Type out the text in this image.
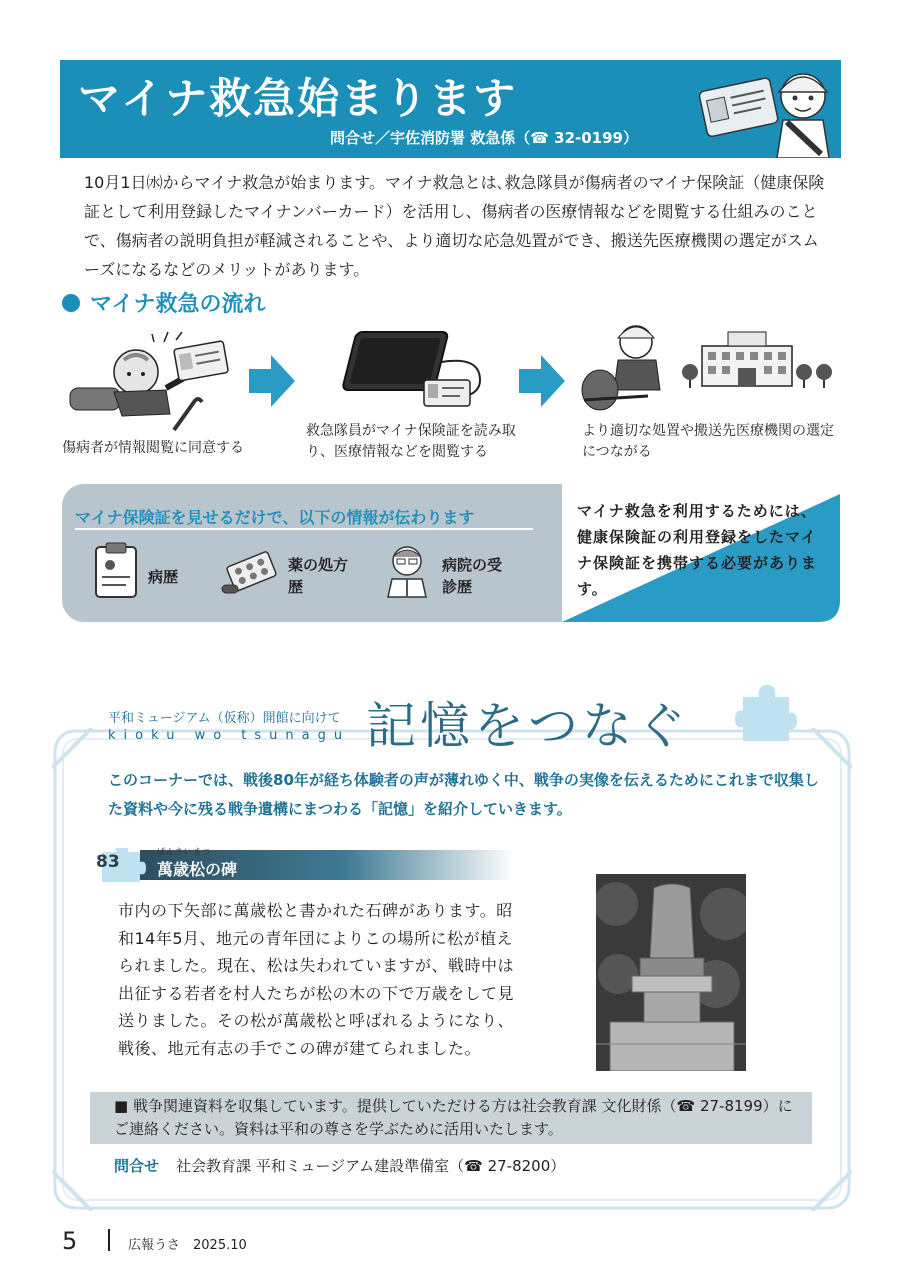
マイナ救急始まります
問合せ／宇佐消防署 救急係（☎ 32-0199）
10月1日㈬からマイナ救急が始まります。マイナ救急とは､救急隊員が傷病者のマイナ保険証（健康保険証として利用登録したマイナンバーカード）を活用し、傷病者の医療情報などを閲覧する仕組みのことで、傷病者の説明負担が軽減されることや、より適切な応急処置ができ、搬送先医療機関の選定がスムーズになるなどのメリットがあります。
マイナ救急の流れ
傷病者が情報閲覧に同意する
救急隊員がマイナ保険証を読み取り、医療情報などを閲覧する
より適切な処置や搬送先医療機関の選定につながる
マイナ保険証を見せるだけで、以下の情報が伝わります
病歴
薬の処方歴
病院の受診歴
マイナ救急を利用するためには、健康保険証の利用登録をしたマイナ保険証を携帯する必要があります。
平和ミュージアム（仮称）開館に向けて
kioku wo tsunagu 記憶をつなぐ
このコーナーでは、戦後80年が経ち体験者の声が薄れゆく中、戦争の実像を伝えるためにこれまで収集した資料や今に残る戦争遺構にまつわる「記憶」を紹介していきます。
83
ばんさいまつ
萬歳松の碑
市内の下矢部に萬歳松と書かれた石碑があります。昭和14年5月、地元の青年団によりこの場所に松が植えられました。現在、松は失われていますが、戦時中は出征する若者を村人たちが松の木の下で万歳をして見送りました。その松が萬歳松と呼ばれるようになり、戦後、地元有志の手でこの碑が建てられました。
■ 戦争関連資料を収集しています。提供していただける方は社会教育課 文化財係（☎ 27-8199）にご連絡ください。資料は平和の尊さを学ぶために活用いたします。
問合せ 社会教育課 平和ミュージアム建設準備室（☎ 27-8200）
5	広報うさ　2025.10
